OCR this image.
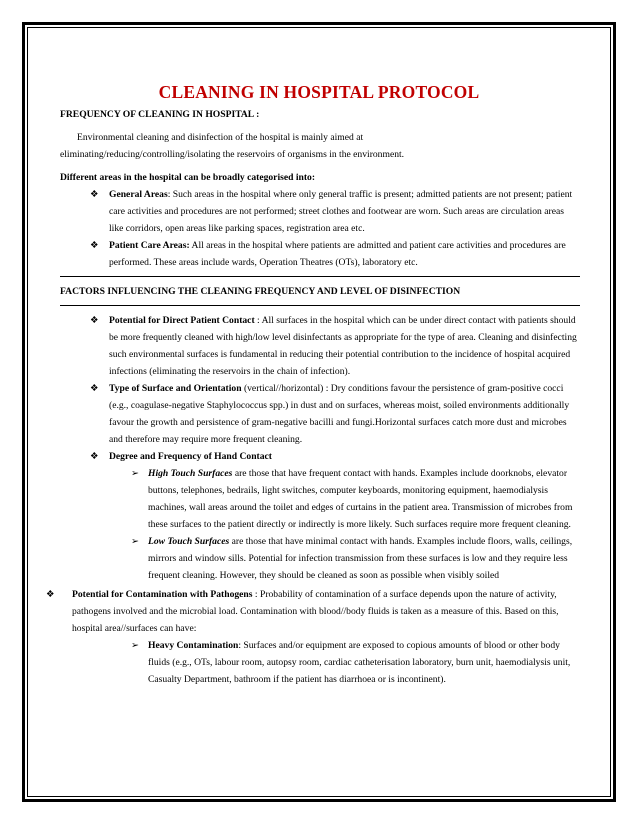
CLEANING IN HOSPITAL PROTOCOL

FREQUENCY OF CLEANING IN HOSPITAL :

Environmental cleaning and disinfection of the hospital is mainly aimed at

eliminating/reducing/controlling/isolating the reservoirs of organisms in the environment.

Different areas in the hospital can be broadly categorised into:

❖ General Areas: Such areas in the hospital where only general traffic is present; admitted patients are not present; patient care activities and procedures are not performed; street clothes and footwear are worn. Such areas are circulation areas like corridors, open areas like parking spaces, registration area etc.

❖ Patient Care Areas: All areas in the hospital where patients are admitted and patient care activities and procedures are performed. These areas include wards, Operation Theatres (OTs), laboratory etc.

FACTORS INFLUENCING THE CLEANING FREQUENCY AND LEVEL OF DISINFECTION

❖ Potential for Direct Patient Contact : All surfaces in the hospital which can be under direct contact with patients should be more frequently cleaned with high/low level disinfectants as appropriate for the type of area. Cleaning and disinfecting such environmental surfaces is fundamental in reducing their potential contribution to the incidence of hospital acquired infections (eliminating the reservoirs in the chain of infection).

❖ Type of Surface and Orientation (vertical//horizontal) : Dry conditions favour the persistence of gram-positive cocci (e.g., coagulase-negative Staphylococcus spp.) in dust and on surfaces, whereas moist, soiled environments additionally favour the growth and persistence of gram-negative bacilli and fungi.Horizontal surfaces catch more dust and microbes and therefore may require more frequent cleaning.

❖ Degree and Frequency of Hand Contact

➢ High Touch Surfaces are those that have frequent contact with hands. Examples include doorknobs, elevator buttons, telephones, bedrails, light switches, computer keyboards, monitoring equipment, haemodialysis machines, wall areas around the toilet and edges of curtains in the patient area. Transmission of microbes from these surfaces to the patient directly or indirectly is more likely. Such surfaces require more frequent cleaning.

➢ Low Touch Surfaces are those that have minimal contact with hands. Examples include floors, walls, ceilings, mirrors and window sills. Potential for infection transmission from these surfaces is low and they require less frequent cleaning. However, they should be cleaned as soon as possible when visibly soiled

❖ Potential for Contamination with Pathogens : Probability of contamination of a surface depends upon the nature of activity, pathogens involved and the microbial load. Contamination with blood//body fluids is taken as a measure of this. Based on this, hospital area//surfaces can have:

➢ Heavy Contamination: Surfaces and/or equipment are exposed to copious amounts of blood or other body fluids (e.g., OTs, labour room, autopsy room, cardiac catheterisation laboratory, burn unit, haemodialysis unit, Casualty Department, bathroom if the patient has diarrhoea or is incontinent).
